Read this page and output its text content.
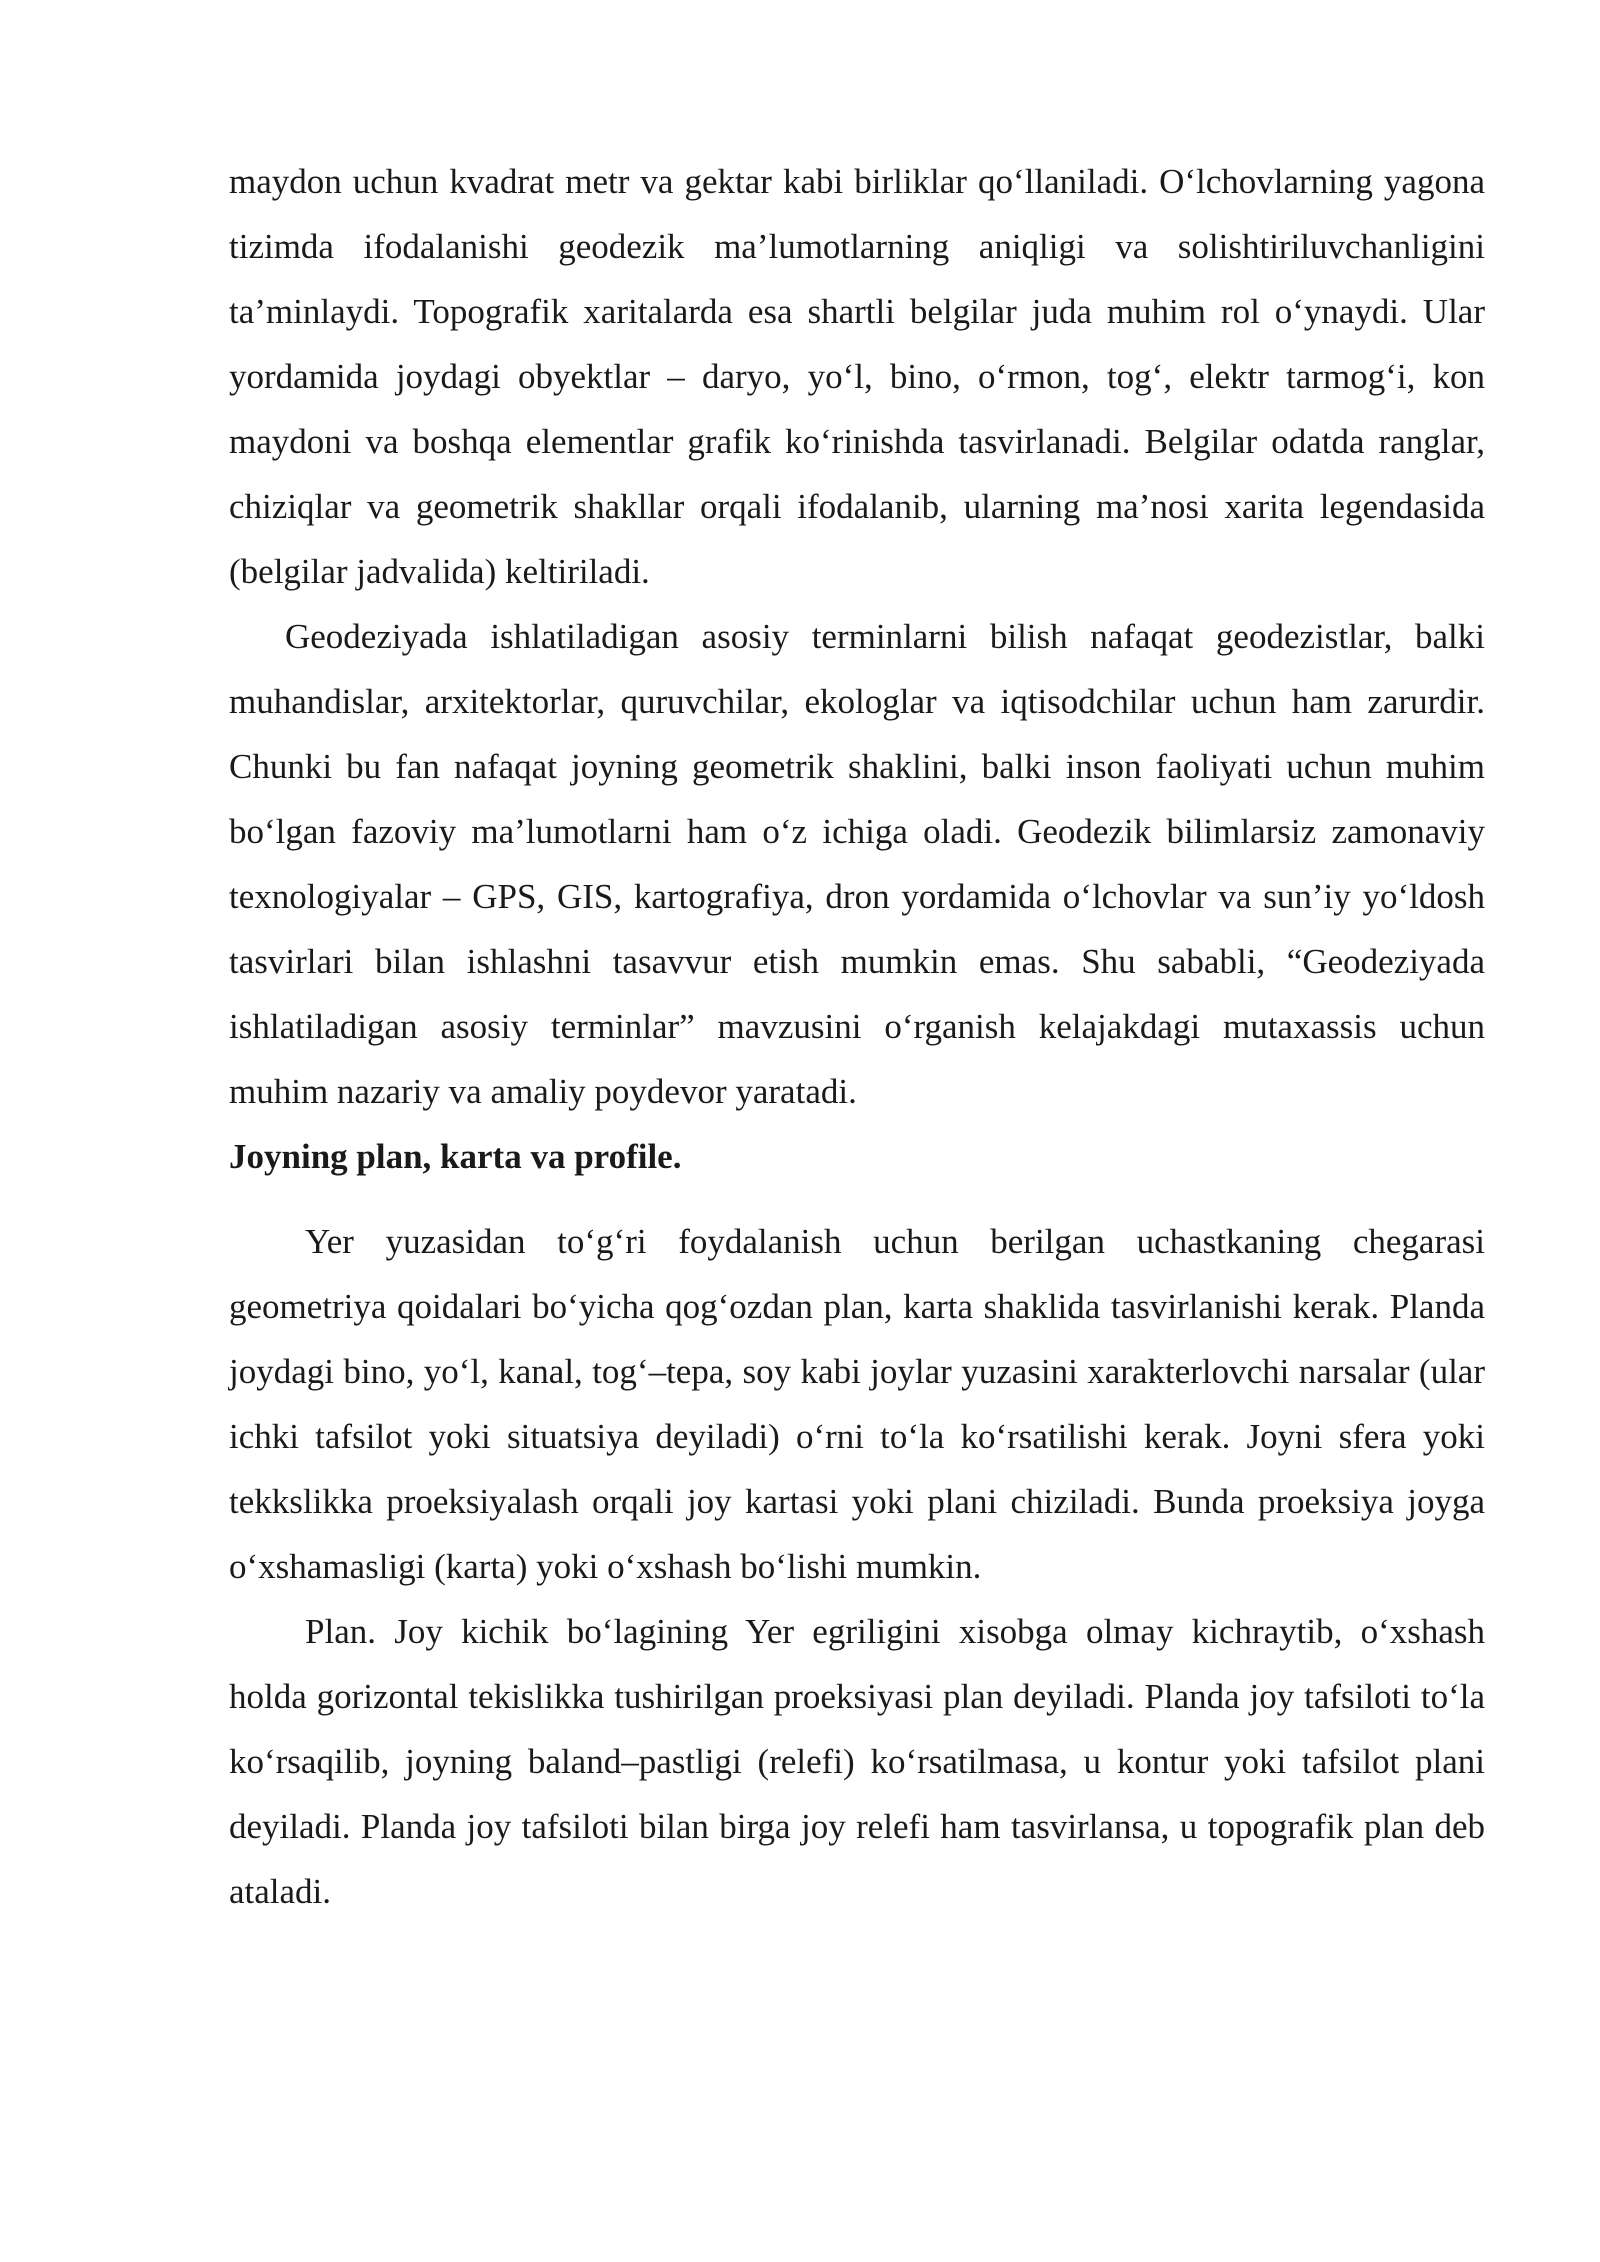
maydon uchun kvadrat metr va gektar kabi birliklar qo‘llaniladi. O‘lchovlarning yagona tizimda ifodalanishi geodezik ma’lumotlarning aniqligi va solishtiriluvchanligini ta’minlaydi. Topografik xaritalarda esa shartli belgilar juda muhim rol o‘ynaydi. Ular yordamida joydagi obyektlar – daryo, yo‘l, bino, o‘rmon, tog‘, elektr tarmog‘i, kon maydoni va boshqa elementlar grafik ko‘rinishda tasvirlanadi. Belgilar odatda ranglar, chiziqlar va geometrik shakllar orqali ifodalanib, ularning ma’nosi xarita legendasida (belgilar jadvalida) keltiriladi.

Geodeziyada ishlatiladigan asosiy terminlarni bilish nafaqat geodezistlar, balki muhandislar, arxitektorlar, quruvchilar, ekologlar va iqtisodchilar uchun ham zarurdir. Chunki bu fan nafaqat joyning geometrik shaklini, balki inson faoliyati uchun muhim bo‘lgan fazoviy ma’lumotlarni ham o‘z ichiga oladi. Geodezik bilimlarsiz zamonaviy texnologiyalar – GPS, GIS, kartografiya, dron yordamida o‘lchovlar va sun’iy yo‘ldosh tasvirlari bilan ishlashni tasavvur etish mumkin emas. Shu sababli, “Geodeziyada ishlatiladigan asosiy terminlar” mavzusini o‘rganish kelajakdagi mutaxassis uchun muhim nazariy va amaliy poydevor yaratadi.

Joyning plan, karta va profile.

Yer yuzasidan to‘g‘ri foydalanish uchun berilgan uchastkaning chegarasi geometriya qoidalari bo‘yicha qog‘ozdan plan, karta shaklida tasvirlanishi kerak. Planda joydagi bino, yo‘l, kanal, tog‘–tepa, soy kabi joylar yuzasini xarakterlovchi narsalar (ular ichki tafsilot yoki situatsiya deyiladi) o‘rni to‘la ko‘rsatilishi kerak. Joyni sfera yoki tekkslikka proeksiyalash orqali joy kartasi yoki plani chiziladi. Bunda proeksiya joyga o‘xshamasligi (karta) yoki o‘xshash bo‘lishi mumkin.

Plan. Joy kichik bo‘lagining Yer egriligini xisobga olmay kichraytib, o‘xshash holda gorizontal tekislikka tushirilgan proeksiyasi plan deyiladi. Planda joy tafsiloti to‘la ko‘rsaqilib, joyning baland–pastligi (relefi) ko‘rsatilmasa, u kontur yoki tafsilot plani deyiladi. Planda joy tafsiloti bilan birga joy relefi ham tasvirlansa, u topografik plan deb ataladi.
